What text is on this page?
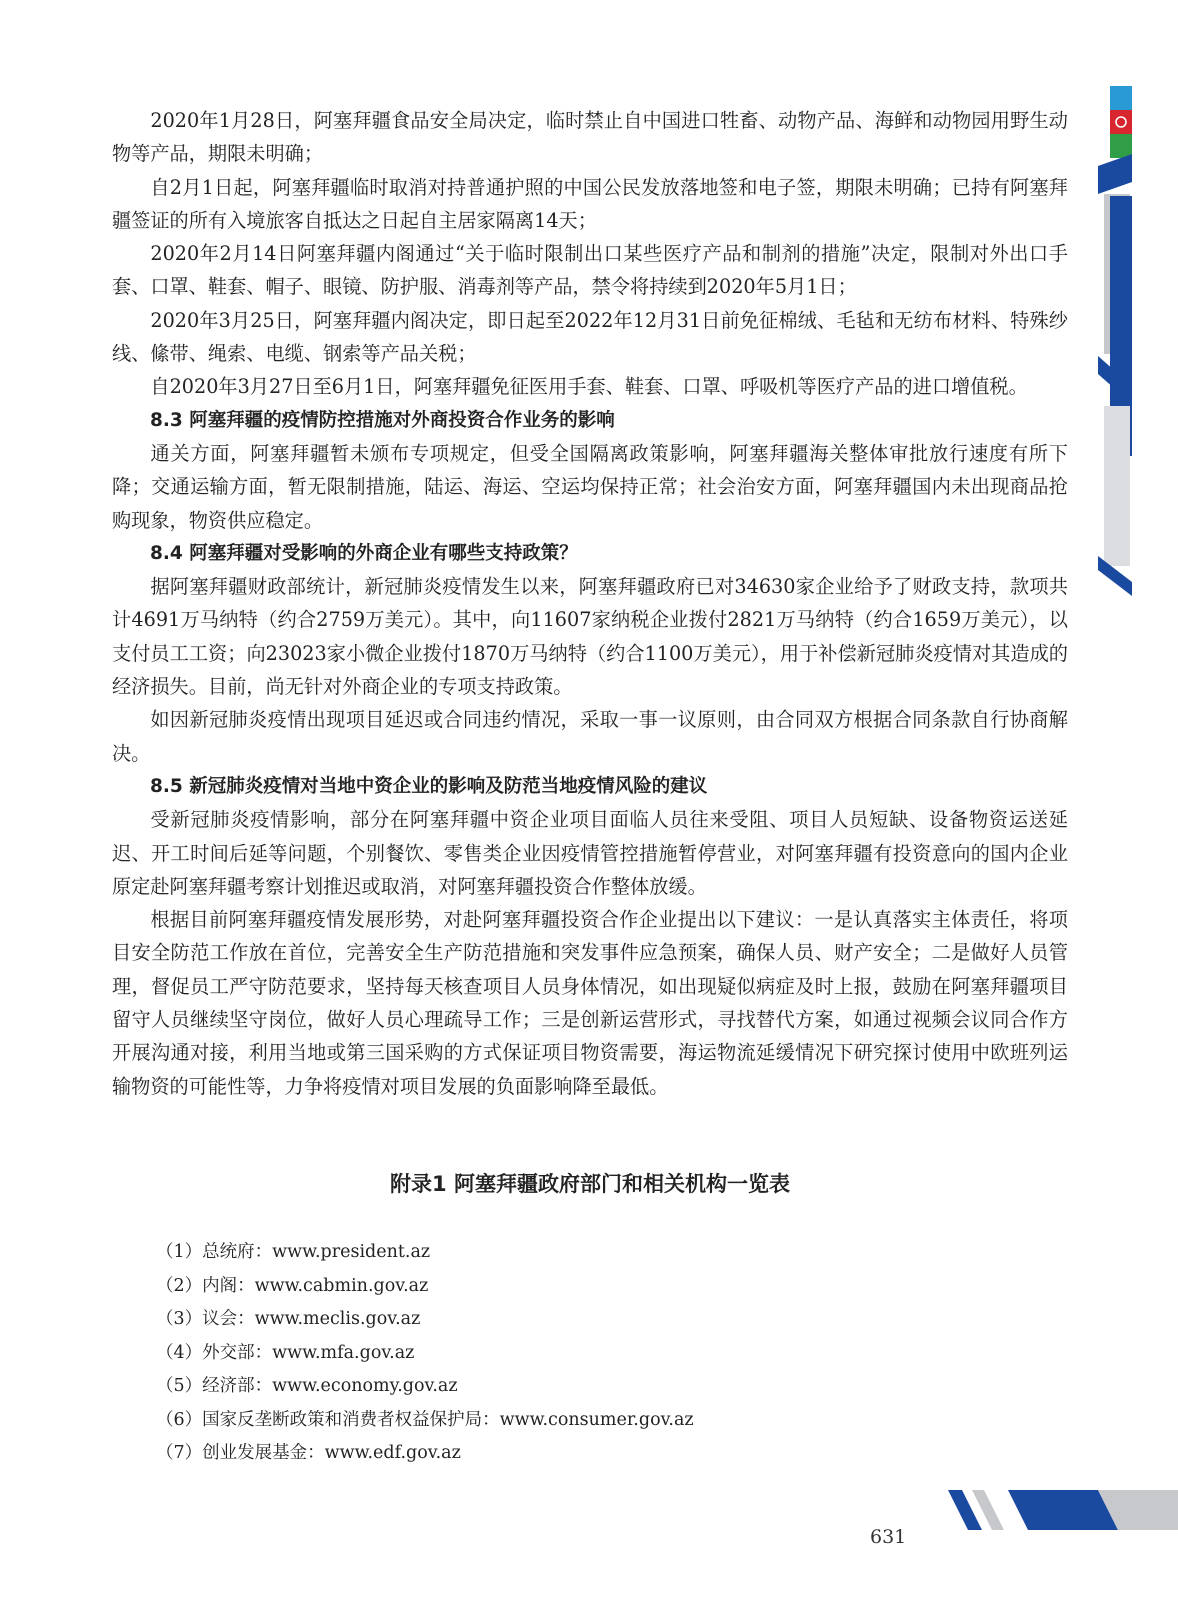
2020年1月28日，阿塞拜疆食品安全局决定，临时禁止自中国进口牲畜、动物产品、海鲜和动物园用野生动物等产品，期限未明确；

自2月1日起，阿塞拜疆临时取消对持普通护照的中国公民发放落地签和电子签，期限未明确；已持有阿塞拜疆签证的所有入境旅客自抵达之日起自主居家隔离14天；

2020年2月14日阿塞拜疆内阁通过“关于临时限制出口某些医疗产品和制剂的措施”决定，限制对外出口手套、口罩、鞋套、帽子、眼镜、防护服、消毒剂等产品，禁令将持续到2020年5月1日；

2020年3月25日，阿塞拜疆内阁决定，即日起至2022年12月31日前免征棉绒、毛毡和无纺布材料、特殊纱线、絛带、绳索、电缆、钢索等产品关税；

自2020年3月27日至6月1日，阿塞拜疆免征医用手套、鞋套、口罩、呼吸机等医疗产品的进口增值税。

8.3 阿塞拜疆的疫情防控措施对外商投资合作业务的影响

通关方面，阿塞拜疆暂未颁布专项规定，但受全国隔离政策影响，阿塞拜疆海关整体审批放行速度有所下降；交通运输方面，暂无限制措施，陆运、海运、空运均保持正常；社会治安方面，阿塞拜疆国内未出现商品抢购现象，物资供应稳定。

8.4 阿塞拜疆对受影响的外商企业有哪些支持政策？

据阿塞拜疆财政部统计，新冠肺炎疫情发生以来，阿塞拜疆政府已对34630家企业给予了财政支持，款项共计4691万马纳特（约合2759万美元）。其中，向11607家纳税企业拨付2821万马纳特（约合1659万美元），以支付员工工资；向23023家小微企业拨付1870万马纳特（约合1100万美元），用于补偿新冠肺炎疫情对其造成的经济损失。目前，尚无针对外商企业的专项支持政策。

如因新冠肺炎疫情出现项目延迟或合同违约情况，采取一事一议原则，由合同双方根据合同条款自行协商解决。

8.5 新冠肺炎疫情对当地中资企业的影响及防范当地疫情风险的建议

受新冠肺炎疫情影响，部分在阿塞拜疆中资企业项目面临人员往来受阻、项目人员短缺、设备物资运送延迟、开工时间后延等问题，个别餐饮、零售类企业因疫情管控措施暂停营业，对阿塞拜疆有投资意向的国内企业原定赴阿塞拜疆考察计划推迟或取消，对阿塞拜疆投资合作整体放缓。

根据目前阿塞拜疆疫情发展形势，对赴阿塞拜疆投资合作企业提出以下建议：一是认真落实主体责任，将项目安全防范工作放在首位，完善安全生产防范措施和突发事件应急预案，确保人员、财产安全；二是做好人员管理，督促员工严守防范要求，坚持每天核查项目人员身体情况，如出现疑似病症及时上报，鼓励在阿塞拜疆项目留守人员继续坚守岗位，做好人员心理疏导工作；三是创新运营形式，寻找替代方案，如通过视频会议同合作方开展沟通对接，利用当地或第三国采购的方式保证项目物资需要，海运物流延缓情况下研究探讨使用中欧班列运输物资的可能性等，力争将疫情对项目发展的负面影响降至最低。

附录1 阿塞拜疆政府部门和相关机构一览表
（1）总统府：www.president.az
（2）内阁：www.cabmin.gov.az
（3）议会：www.meclis.gov.az
（4）外交部：www.mfa.gov.az
（5）经济部：www.economy.gov.az
（6）国家反垄断政策和消费者权益保护局：www.consumer.gov.az
（7）创业发展基金：www.edf.gov.az
631
